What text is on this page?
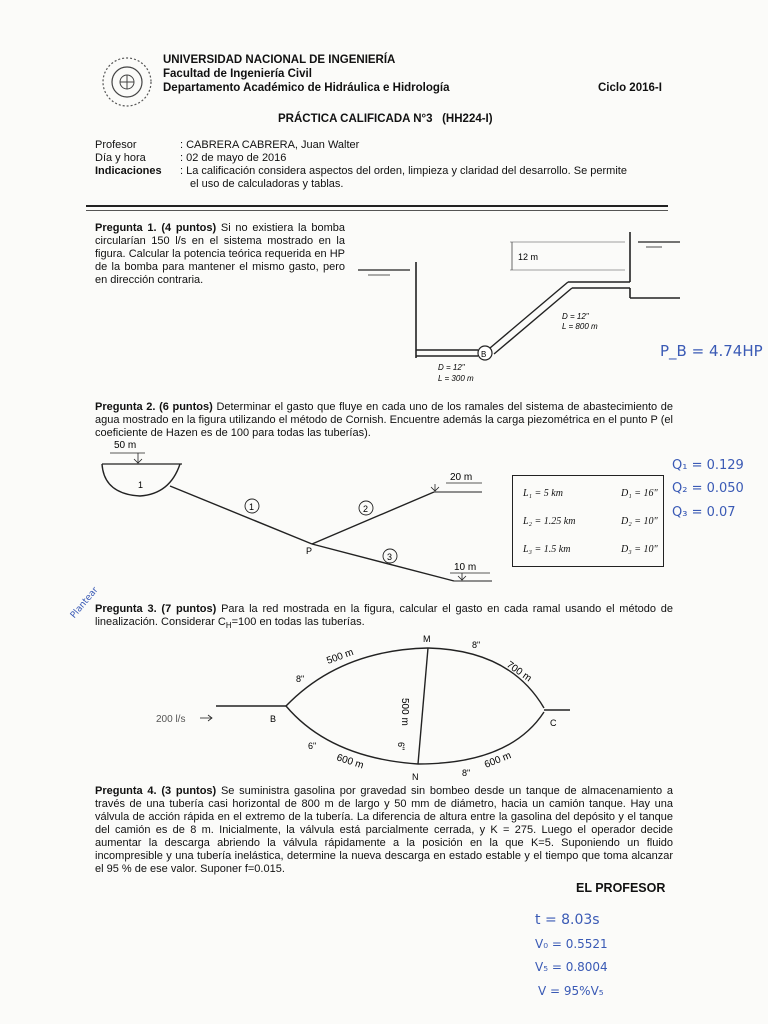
UNIVERSIDAD NACIONAL DE INGENIERÍA
Facultad de Ingeniería Civil
Departamento Académico de Hidráulica e Hidrología	Ciclo 2016-I
PRÁCTICA CALIFICADA N°3   (HH224-I)
Profesor	: CABRERA CABRERA, Juan Walter
Día y hora	: 02 de mayo de 2016
Indicaciones : La calificación considera aspectos del orden, limpieza y claridad del desarrollo. Se permite
el uso de calculadoras y tablas.
Pregunta 1. (4 puntos) Si no existiera la bomba circularían 150 l/s en el sistema mostrado en la figura. Calcular la potencia teórica requerida en HP de la bomba para mantener el mismo gasto, pero en dirección contraria.
B
12 m
D = 12"
L = 800 m
D = 12"
L = 300 m
P_B = 4.74HP
Pregunta 2. (6 puntos) Determinar el gasto que fluye en cada uno de los ramales del sistema de abastecimiento de agua mostrado en la figura utilizando el método de Cornish. Encuentre además la carga piezométrica en el punto P (el coeficiente de Hazen es de 100 para todas las tuberías).
50 m
1
1
P
2
20 m
3
10 m
L₁ = 5 km	D₁ = 16"
L₂ = 1.25 km	D₂ = 10"
L₃ = 1.5 km	D₃ = 10"
Q₁ = 0.129
Q₂ = 0.050
Q₃ = 0.07
Plantear
Pregunta 3. (7 puntos) Para la red mostrada en la figura, calcular el gasto en cada ramal usando el método de linealización. Considerar $C_H=100$ en todas las tuberías.
200 l/s	B
500 m
8"
M
8"
700 m
500 m
6"
6"
600 m
N	8"
600 m
C
Pregunta 4. (3 puntos) Se suministra gasolina por gravedad sin bombeo desde un tanque de almacenamiento a través de una tubería casi horizontal de 800 m de largo y 50 mm de diámetro, hacia un camión tanque. Hay una válvula de acción rápida en el extremo de la tubería. La diferencia de altura entre la gasolina del depósito y el tanque del camión es de 8 m. Inicialmente, la válvula está parcialmente cerrada, y K = 275. Luego el operador decide aumentar la descarga abriendo la válvula rápidamente a la posición en la que K=5. Suponiendo un fluido incompresible y una tubería inelástica, determine la nueva descarga en estado estable y el tiempo que toma alcanzar el 95 % de ese valor. Suponer f=0.015.
EL PROFESOR
t = 8.03s
V₀ = 0.5521
V₅ = 0.8004
V = 95%V₅
